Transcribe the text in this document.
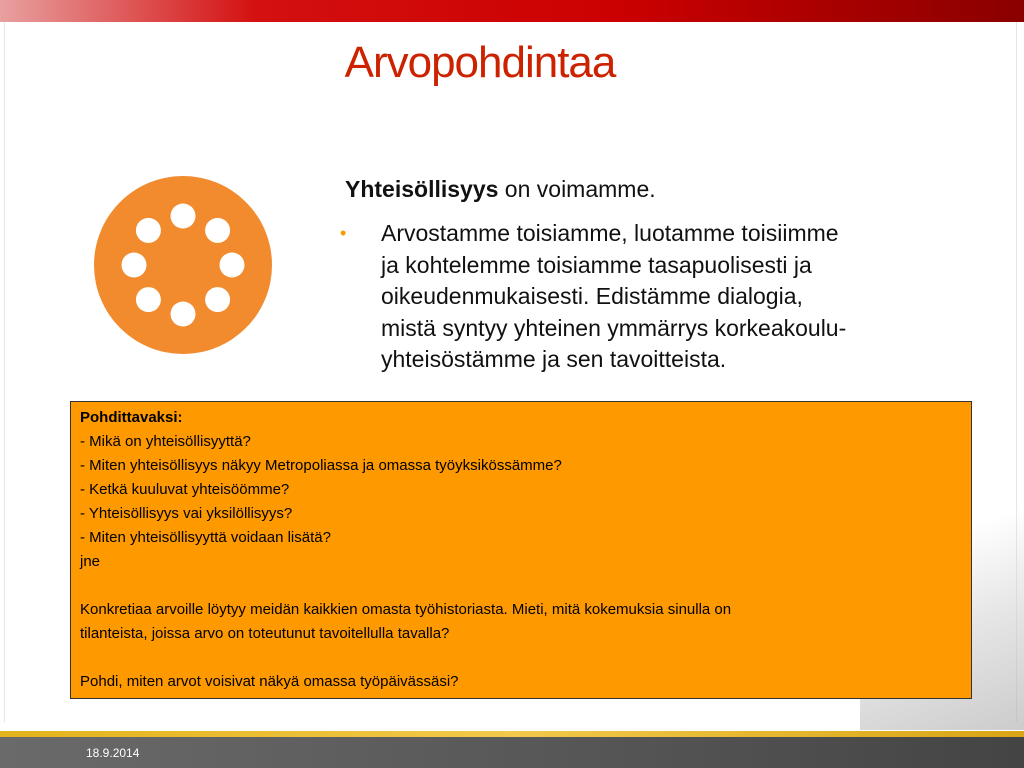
Arvopohdintaa
Yhteisöllisyys on voimamme.
• Arvostamme toisiamme, luotamme toisiimme
ja kohtelemme toisiamme tasapuolisesti ja
oikeudenmukaisesti. Edistämme dialogia,
mistä syntyy yhteinen ymmärrys korkeakoulu-
yhteisöstämme ja sen tavoitteista.
Pohdittavaksi:
- Mikä on yhteisöllisyyttä?
- Miten yhteisöllisyys näkyy Metropoliassa ja omassa työyksikössämme?
- Ketkä kuuluvat yhteisöömme?
- Yhteisöllisyys vai yksilöllisyys?
- Miten yhteisöllisyyttä voidaan lisätä?
jne
Konkretiaa arvoille löytyy meidän kaikkien omasta työhistoriasta. Mieti, mitä kokemuksia sinulla on
tilanteista, joissa arvo on toteutunut tavoitellulla tavalla?
Pohdi, miten arvot voisivat näkyä omassa työpäivässäsi?
18.9.2014
